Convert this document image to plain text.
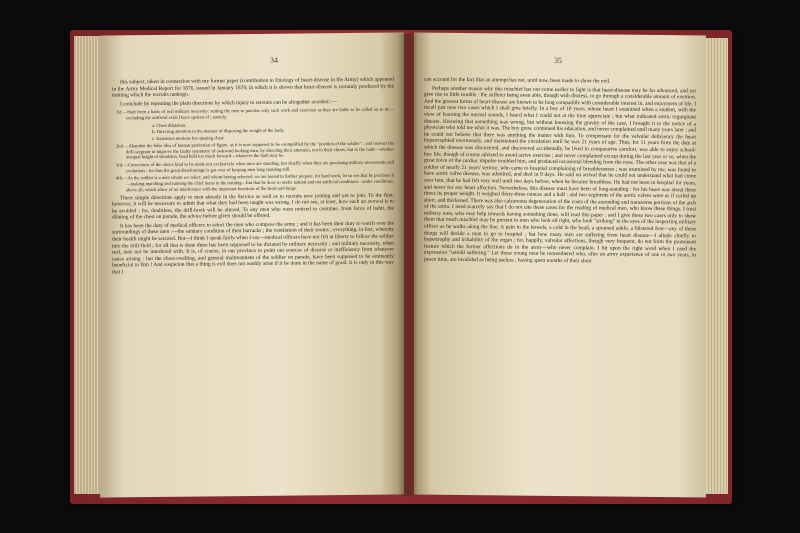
34

this subject, taken in connection with my former paper (contribution to Etiology of heart-disease in the Army) which appeared in the Army Medical Report for 1876, issued in January 1878; in which it is shown that heart-disease is certainly produced by the training which the recruits undergo.

I conclude by repeating the plain directions by which injury to recruits can be altogether avoided :—

1st.—Start from a basis of real military necessity: suiting the men to practise only such work and exercises as they are liable to be called on to do—excluding the artificial evils I have spoken of ; namely,

a. Chest dilatation.

b. Directing attention to the manner of disposing the weight of the body.

c. Extension motions for opening chest.

2nd.—Abandon the false idea of human perfection of figure, as it is now supposed to be exemplified by the "position of the soldier" : and instruct the drill-sergeant to improve the faulty symmetry of awkward looking men, by directing their attention, not to their chests, but to the fault—whether unequal height of shoulders, head held too much forward—whatever the fault may be.

3rd.—Corrections of the above kind to be made not exclusively when men are standing, but chiefly when they are practising military movements and evolutions : for thus the great disadvantage is got over of keeping men long standing still.

4th.—As the soldier is a man whom we select, and whom having selected, we are bound to further prepare, for hard work, let us see that he practises it—making marching and running the chief items in the training—but that he does so under natural and not artificial conditions : under conditions, above all, which allow of no interference with the important functions of the heart and lungs.

These simple directions apply to men already in the Service as well as to recruits now joining and yet to join. To the first, however, it will be necessary to admit that what they had been taught was wrong. I do not see, at least, how such an avowal is to be avoided : for, doubtless, the drill-book will be altered. To any men who were noticed to continue, from force of habit, the dilating of the chest on parade, the advice before given should be offered.

It has been the duty of medical officers to select the men who compose the army ; and it has been their duty to watch over the surroundings of these men :—the sanitary condition of their barracks ; the ventilation of their rooms ; everything, in fact, whereby their health might be secured. But—I think I speak fairly when I say—medical officers have not felt at liberty to follow the soldier into the drill-field ; for all that is done there has been supposed to be dictated by military necessity ; and military necessity, when real, may not be interfered with. It is, of course, in our province to point out sources of disease or inefficiency from whatever cause arising : but the chest-swelling, and general maltreatment of the soldier on parade, have been supposed to be eminently beneficial to him ! And suspicion that a thing is evil does not readily arise if it be done in the name of good. It is only in this way that I

35

can account for the fact that an attempt has not, until now, been made to show the evil.

Perhaps another reason why this mischief has not come earlier to light is that heart-disease may be far advanced, and yet give rise to little trouble : the sufferer being even able, though with distress, to go through a considerable amount of exertion. And the gravest forms of heart-disease are known to be long compatible with considerable interest in, and enjoyment of life. I recall just now two cases which I shall give briefly. In a boy of 10 years, whose heart I examined when a student, with the view of learning the normal sounds, I heard what I could not at the time appreciate ; but what indicated aortic regurgitant disease. Knowing that something was wrong, but without knowing the gravity of the case, I brought it to the notice of a physician who told me what it was. The boy grew, continued his education, and never complained until many years later : and he could not believe that there was anything the matter with him. To compensate for the valvular deficiency the heart hypertrophied enormously, and maintained the circulation until he was 21 years of age. Thus, for 11 years from the date at which the disease was discovered, and discovered accidentally, he lived in comparative comfort, was able to enjoy school-boy life, though of course advised to avoid active exercise ; and never complained except during the last year or so, when the great force of the cardiac impulse troubled him, and produced occasional bleeding from the nose. The other case was that of a soldier of nearly 21 years' service, who came to hospital complaining of breathlessness ; was examined by me, was found to have aortic valve disease, was admitted, and died in 9 days. He said on arrival that he could not understand what had come over him, that he had felt very well until two days before, when he became breathless. He had not been in hospital for years, and never for any heart affection. Nevertheless, this disease must have been of long-standing : for his heart was about three times its proper weight. It weighed thirty-three ounces and a half : and two segments of the aortic valves were as if curled up short, and thickened. There was also calcareous degeneration of the coats of the ascending and transverse portions of the arch of the aorta. I need scarcely say that I do not cite these cases for the reading of medical men, who know these things. I trust military men, who may help towards having something done, will read this paper : and I give these two cases only to show them that much mischief may be present in men who look all right, who look "striking" in the eyes of the inspecting military officer as he walks along the line. A pain in the bowels, a cold in the head, a sprained ankle, a blistered foot—any of these things will decide a man to go to hospital ; but how many men are suffering from heart disease—I allude chiefly to hypertrophy and irritability of the organ ; for, happily, valvular affections, though very frequent, do not form the prominent feature which the former affections do in the army—who never complain. I hit upon the right word when I used the expression "untold suffering." Let those young men be remembered who, after an army experience of one or two years, in peace time, are invalided as being useless ; having spent months of their short
